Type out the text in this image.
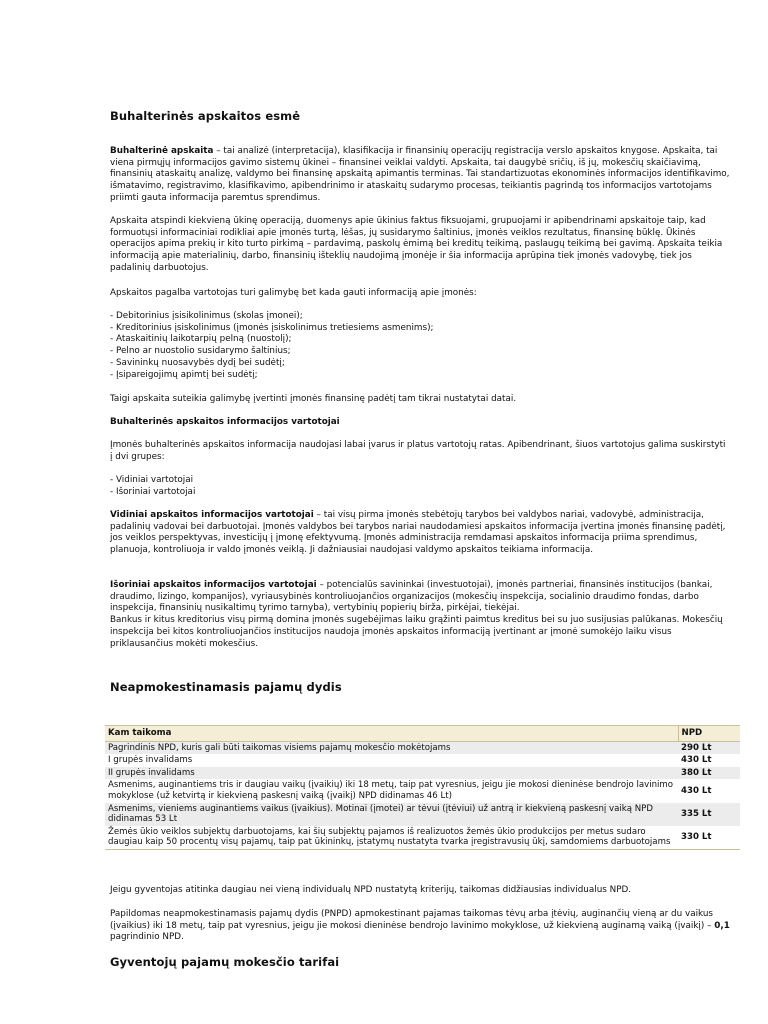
Buhalterinės apskaitos esmė

Buhalterinė apskaita – tai analizė (interpretacija), klasifikacija ir finansinių operacijų registracija verslo apskaitos knygose. Apskaita, tai viena pirmųjų informacijos gavimo sistemų ūkinei – finansinei veiklai valdyti. Apskaita, tai daugybė sričių, iš jų, mokesčių skaičiavimą, finansinių ataskaitų analizę, valdymo bei finansinę apskaitą apimantis terminas. Tai standartizuotas ekonominės informacijos identifikavimo, išmatavimo, registravimo, klasifikavimo, apibendrinimo ir ataskaitų sudarymo procesas, teikiantis pagrindą tos informacijos vartotojams priimti gauta informacija paremtus sprendimus.

Apskaita atspindi kiekvieną ūkinę operaciją, duomenys apie ūkinius faktus fiksuojami, grupuojami ir apibendrinami apskaitoje taip, kad formuotųsi informaciniai rodikliai apie įmonės turtą, lėšas, jų susidarymo šaltinius, įmonės veiklos rezultatus, finansinę būklę. Ūkinės operacijos apima prekių ir kito turto pirkimą – pardavimą, paskolų ėmimą bei kreditų teikimą, paslaugų teikimą bei gavimą. Apskaita teikia informaciją apie materialinių, darbo, finansinių išteklių naudojimą įmonėje ir šia informacija aprūpina tiek įmonės vadovybę, tiek jos padalinių darbuotojus.

Apskaitos pagalba vartotojas turi galimybę bet kada gauti informaciją apie įmonės:

- Debitorinius įsisikolinimus (skolas įmonei);
- Kreditorinius įsiskolinimus (įmonės įsiskolinimus tretiesiems asmenims);
- Ataskaitinių laikotarpių pelną (nuostolį);
- Pelno ar nuostolio susidarymo šaltinius;
- Savininkų nuosavybės dydį bei sudėtį;
- Įsipareigojimų apimtį bei sudėtį;

Taigi apskaita suteikia galimybę įvertinti įmonės finansinę padėtį tam tikrai nustatytai datai.

Buhalterinės apskaitos informacijos vartotojai

Įmonės buhalterinės apskaitos informacija naudojasi labai įvarus ir platus vartotojų ratas. Apibendrinant, šiuos vartotojus galima suskirstyti į dvi grupes:

- Vidiniai vartotojai
- Išoriniai vartotojai

Vidiniai apskaitos informacijos vartotojai – tai visų pirma įmonės stebėtojų tarybos bei valdybos nariai, vadovybė, administracija, padalinių vadovai bei darbuotojai. Įmonės valdybos bei tarybos nariai naudodamiesi apskaitos informacija įvertina įmonės finansinę padėtį, jos veiklos perspektyvas, investicijų į įmonę efektyvumą. Įmonės administracija remdamasi apskaitos informacija priima sprendimus, planuoja, kontroliuoja ir valdo įmonės veiklą. Ji dažniausiai naudojasi valdymo apskaitos teikiama informacija.

Išoriniai apskaitos informacijos vartotojai – potencialūs savininkai (investuotojai), įmonės partneriai, finansinės institucijos (bankai, draudimo, lizingo, kompanijos), vyriausybinės kontroliuojančios organizacijos (mokesčių inspekcija, socialinio draudimo fondas, darbo inspekcija, finansinių nusikaltimų tyrimo tarnyba), vertybinių popierių birža, pirkėjai, tiekėjai.
Bankus ir kitus kreditorius visų pirmą domina įmonės sugebėjimas laiku grąžinti paimtus kreditus bei su juo susijusias palūkanas. Mokesčių inspekcija bei kitos kontroliuojančios institucijos naudoja įmonės apskaitos informaciją įvertinant ar įmonė sumokėjo laiku visus priklausančius mokėti mokesčius.

Neapmokestinamasis pajamų dydis
Kam taikoma	NPD
Pagrindinis NPD, kuris gali būti taikomas visiems pajamų mokesčio mokėtojams	290 Lt
I grupės invalidams	430 Lt
II grupės invalidams	380 Lt
Asmenims, auginantiems tris ir daugiau vaikų (įvaikių) iki 18 metų, taip pat vyresnius, jeigu jie mokosi dieninėse bendrojo lavinimo mokyklose (už ketvirtą ir kiekvieną paskesnį vaiką (įvaikį) NPD didinamas 46 Lt)	430 Lt
Asmenims, vieniems auginantiems vaikus (įvaikius). Motinai (įmotei) ar tėvui (įtėviui) už antrą ir kiekvieną paskesnį vaiką NPD didinamas 53 Lt	335 Lt
Žemės ūkio veiklos subjektų darbuotojams, kai šių subjektų pajamos iš realizuotos žemės ūkio produkcijos per metus sudaro daugiau kaip 50 procentų visų pajamų, taip pat ūkininkų, įstatymų nustatyta tvarka įregistravusių ūkį, samdomiems darbuotojams	330 Lt

Jeigu gyventojas atitinka daugiau nei vieną individualų NPD nustatytą kriterijų, taikomas didžiausias individualus NPD.

Papildomas neapmokestinamasis pajamų dydis (PNPD) apmokestinant pajamas taikomas tėvų arba įtėvių, auginančių vieną ar du vaikus (įvaikius) iki 18 metų, taip pat vyresnius, jeigu jie mokosi dieninėse bendrojo lavinimo mokyklose, už kiekvieną auginamą vaiką (įvaikį) – 0,1 pagrindinio NPD.

Gyventojų pajamų mokesčio tarifai
